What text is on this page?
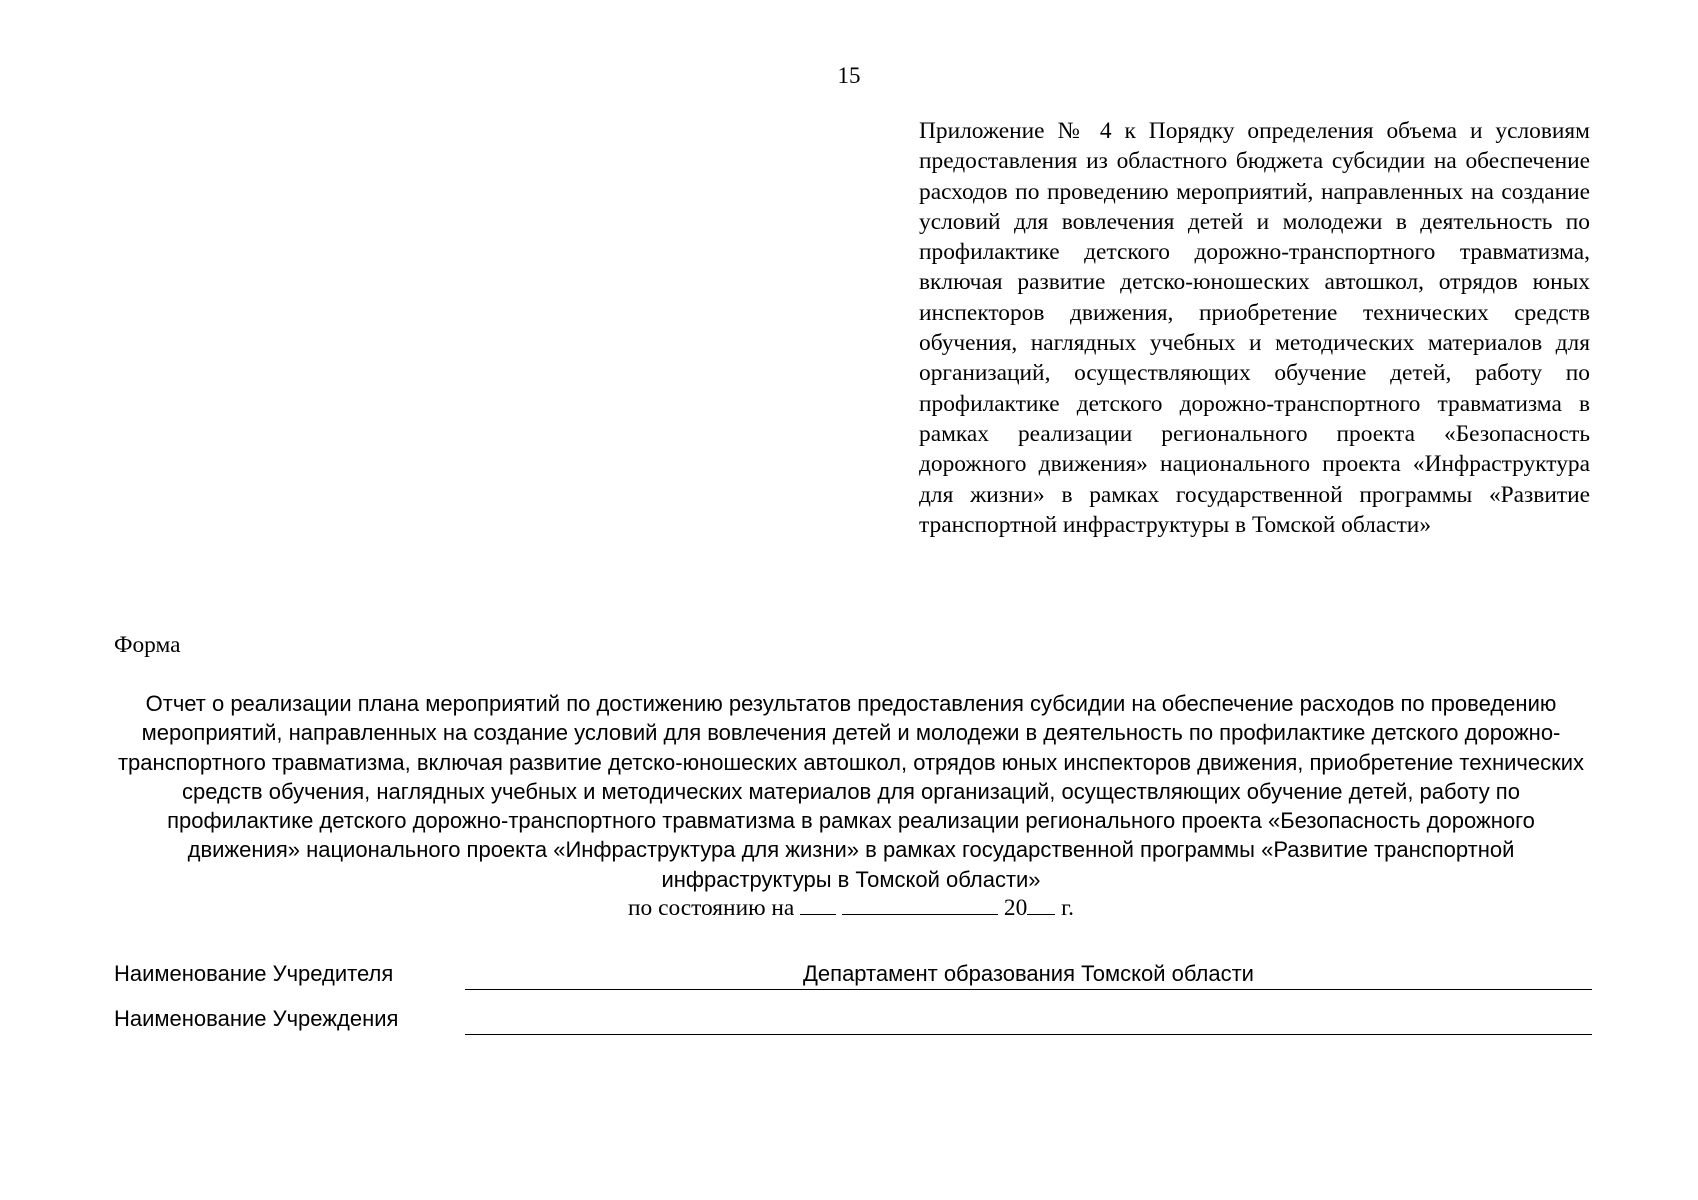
15
Приложение № 4 к Порядку определения объема и условиям предоставления из областного бюджета субсидии на обеспечение расходов по проведению мероприятий, направленных на создание условий для вовлечения детей и молодежи в деятельность по профилактике детского дорожно-транспортного травматизма, включая развитие детско-юношеских автошкол, отрядов юных инспекторов движения, приобретение технических средств обучения, наглядных учебных и методических материалов для организаций, осуществляющих обучение детей, работу по профилактике детского дорожно-транспортного травматизма в рамках реализации регионального проекта «Безопасность дорожного движения» национального проекта «Инфраструктура для жизни» в рамках государственной программы «Развитие транспортной инфраструктуры в Томской области»
Форма
Отчет о реализации плана мероприятий по достижению результатов предоставления субсидии на обеспечение расходов по проведению мероприятий, направленных на создание условий для вовлечения детей и молодежи в деятельность по профилактике детского дорожно-транспортного травматизма, включая развитие детско-юношеских автошкол, отрядов юных инспекторов движения, приобретение технических средств обучения, наглядных учебных и методических материалов для организаций, осуществляющих обучение детей, работу по профилактике детского дорожно-транспортного травматизма в рамках реализации регионального проекта «Безопасность дорожного движения» национального проекта «Инфраструктура для жизни» в рамках государственной программы «Развитие транспортной инфраструктуры в Томской области»
по состоянию на	20 г.
Наименование Учредителя	Департамент образования Томской области
Наименование Учреждения
